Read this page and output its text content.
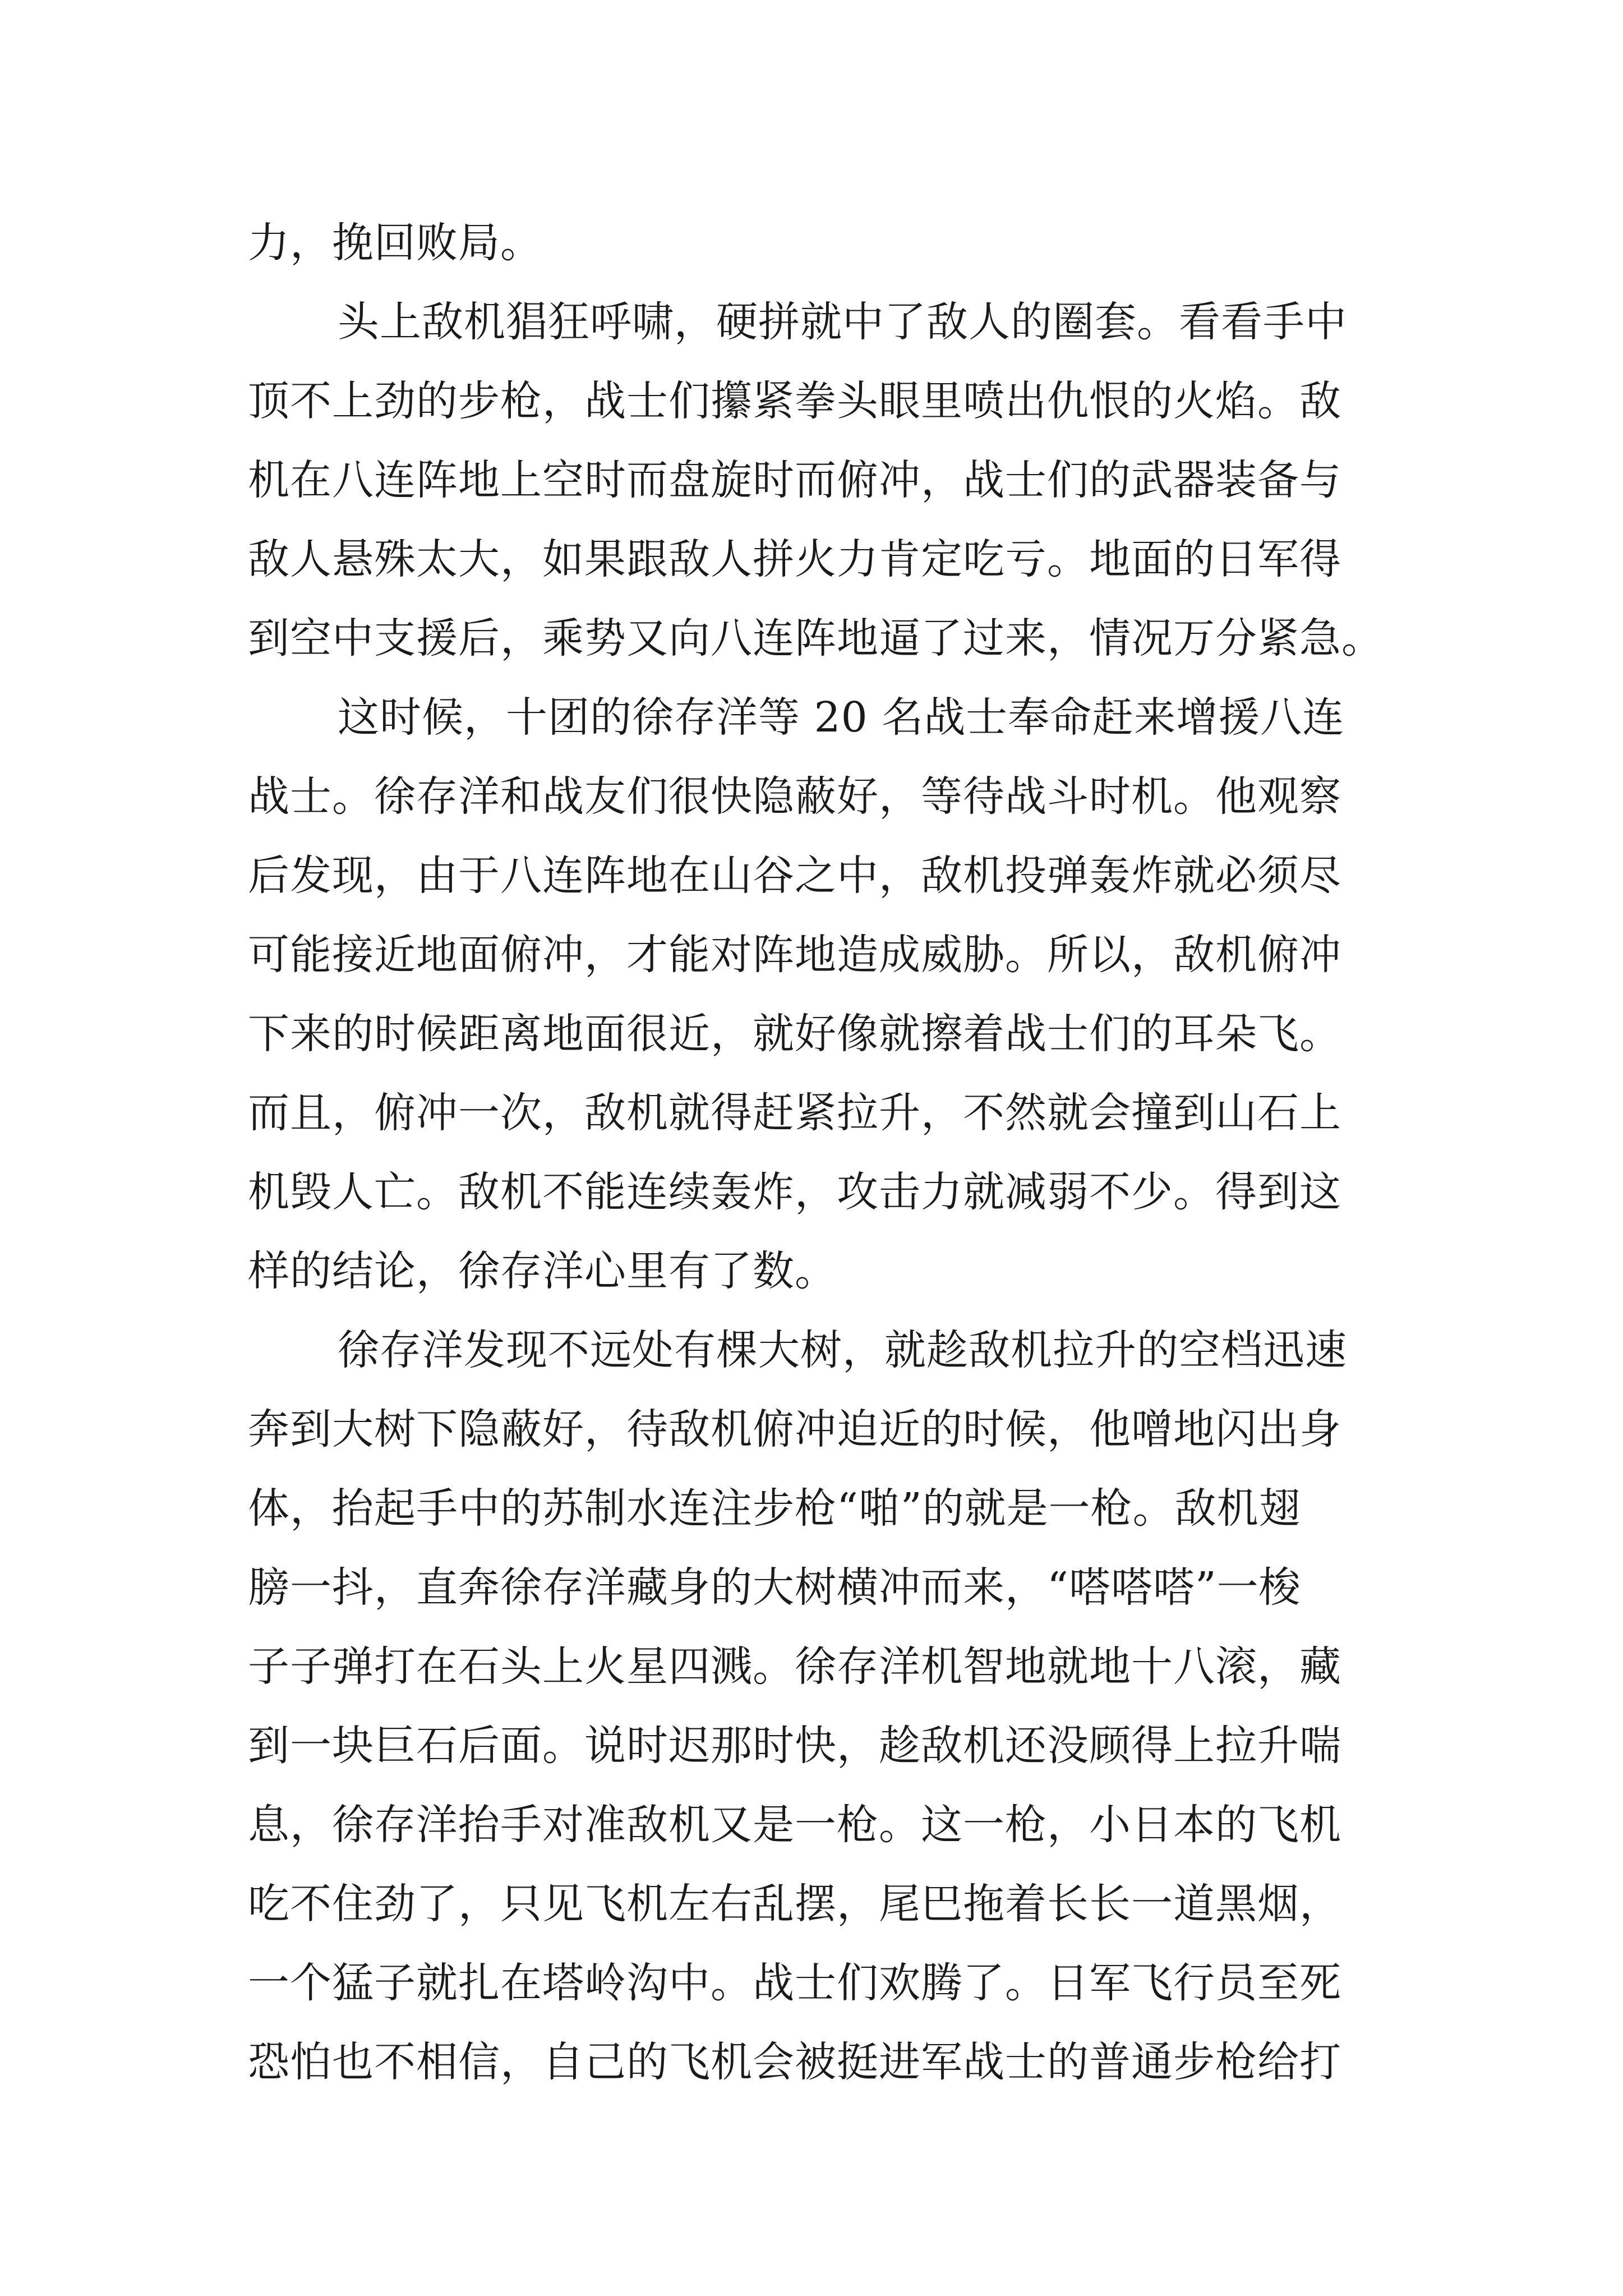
力，挽回败局。
头上敌机猖狂呼啸，硬拼就中了敌人的圈套。看看手中
顶不上劲的步枪，战士们攥紧拳头眼里喷出仇恨的火焰。敌
机在八连阵地上空时而盘旋时而俯冲，战士们的武器装备与
敌人悬殊太大，如果跟敌人拼火力肯定吃亏。地面的日军得
到空中支援后，乘势又向八连阵地逼了过来，情况万分紧急。
这时候，十团的徐存洋等 20 名战士奉命赶来增援八连
战士。徐存洋和战友们很快隐蔽好，等待战斗时机。他观察
后发现，由于八连阵地在山谷之中，敌机投弹轰炸就必须尽
可能接近地面俯冲，才能对阵地造成威胁。所以，敌机俯冲
下来的时候距离地面很近，就好像就擦着战士们的耳朵飞。
而且，俯冲一次，敌机就得赶紧拉升，不然就会撞到山石上
机毁人亡。敌机不能连续轰炸，攻击力就减弱不少。得到这
样的结论，徐存洋心里有了数。
徐存洋发现不远处有棵大树，就趁敌机拉升的空档迅速
奔到大树下隐蔽好，待敌机俯冲迫近的时候，他噌地闪出身
体，抬起手中的苏制水连注步枪“啪”的就是一枪。敌机翅
膀一抖，直奔徐存洋藏身的大树横冲而来，“嗒嗒嗒”一梭
子子弹打在石头上火星四溅。徐存洋机智地就地十八滚，藏
到一块巨石后面。说时迟那时快，趁敌机还没顾得上拉升喘
息，徐存洋抬手对准敌机又是一枪。这一枪，小日本的飞机
吃不住劲了，只见飞机左右乱摆，尾巴拖着长长一道黑烟，
一个猛子就扎在塔岭沟中。战士们欢腾了。日军飞行员至死
恐怕也不相信，自己的飞机会被挺进军战士的普通步枪给打
